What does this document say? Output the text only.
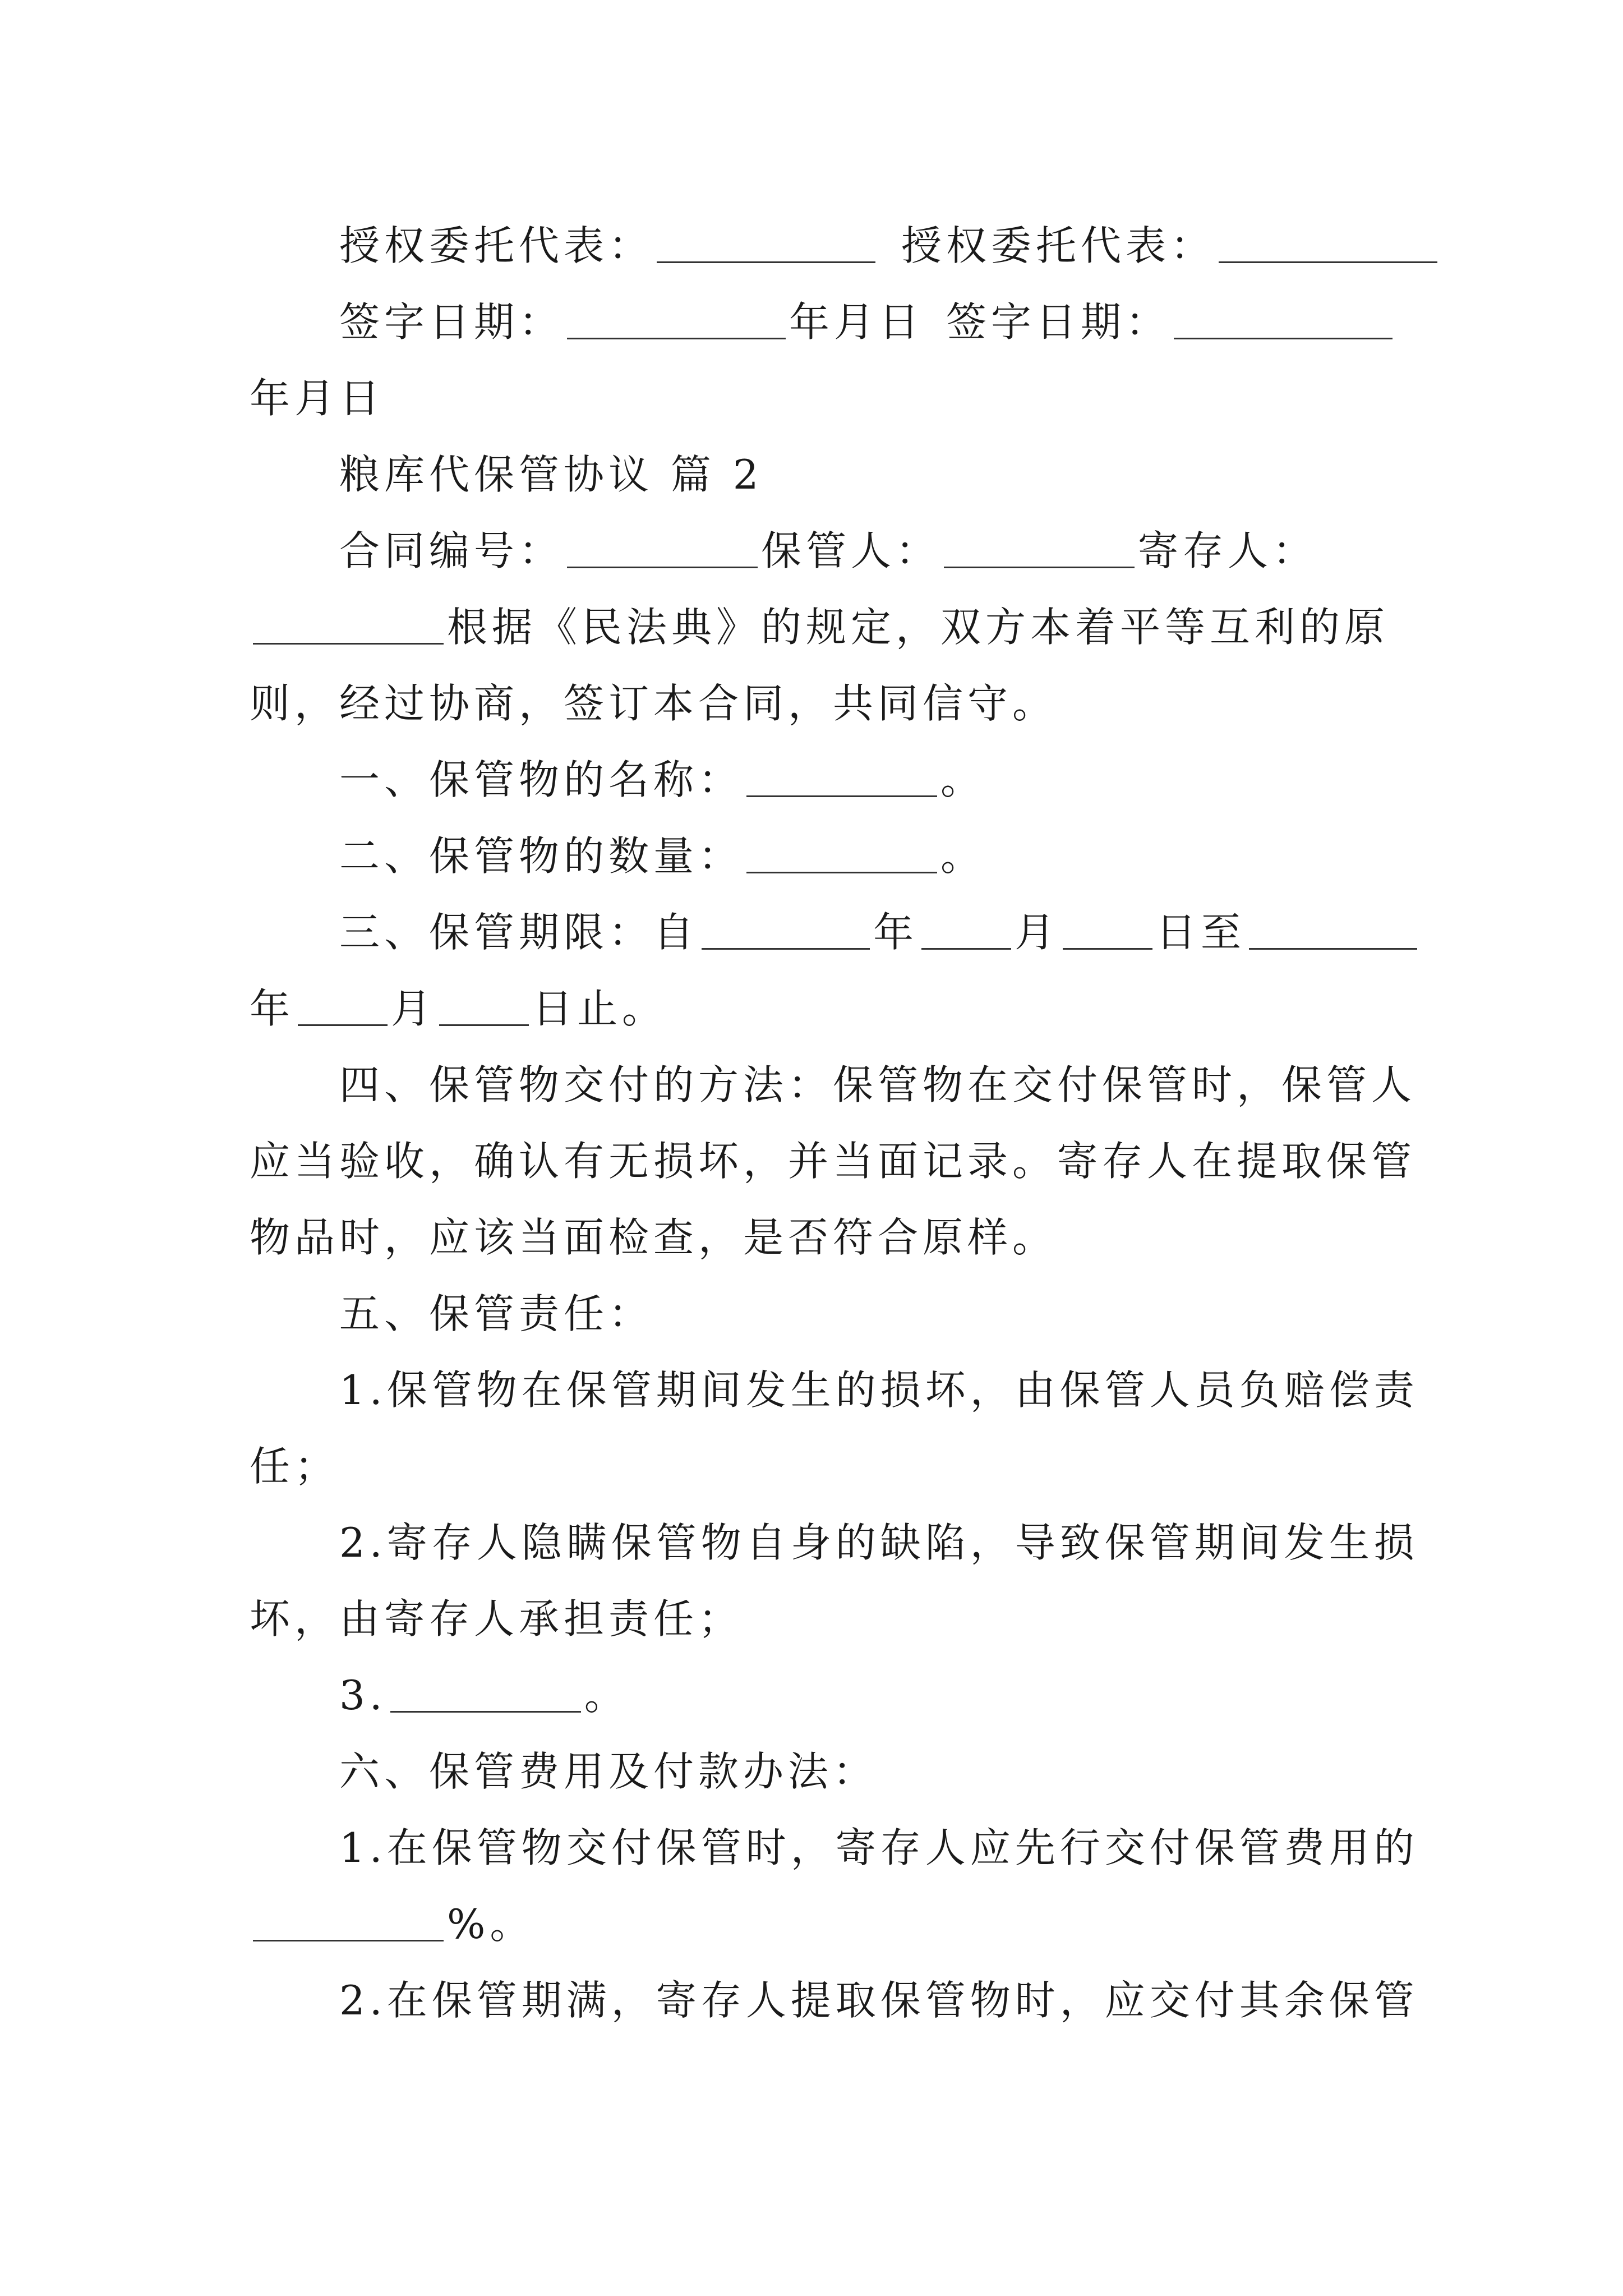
授权委托代表：	授权委托代表：
签字日期：	年月日 签字日期：
年月日
粮库代保管协议 篇 2
合同编号：	保管人：	寄存人：
根据《民法典》的规定，双方本着平等互利的原
则，经过协商，签订本合同，共同信守。
一、保管物的名称：	。
二、保管物的数量：	。
三、保管期限：自	年 月 日至
年 月 日止。
四、保管物交付的方法：保管物在交付保管时，保管人
应当验收，确认有无损坏，并当面记录。寄存人在提取保管
物品时，应该当面检查，是否符合原样。
五、保管责任：
1.保管物在保管期间发生的损坏，由保管人员负赔偿责
任；
2.寄存人隐瞒保管物自身的缺陷，导致保管期间发生损
坏，由寄存人承担责任；
3.	。
六、保管费用及付款办法：
1.在保管物交付保管时，寄存人应先行交付保管费用的
%。
2.在保管期满，寄存人提取保管物时，应交付其余保管
